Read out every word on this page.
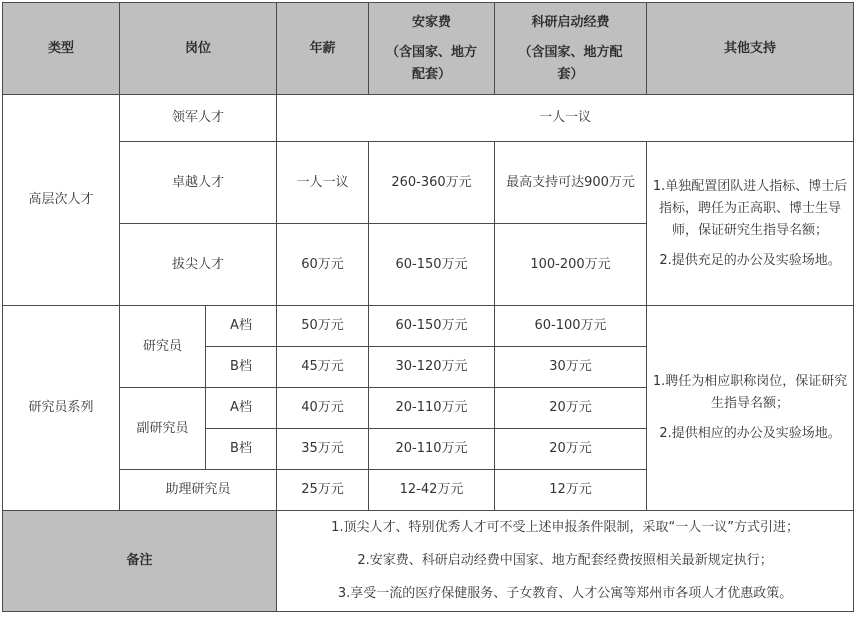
类型	岗位		年薪	安家费
（含国家、地方
配套）	科研启动经费
（含国家、地方配
套）	其他支持
高层次人才	领军人才		一人一议			
	卓越人才		一人一议	260-360万元	最高支持可达900万元	1.单独配置团队进人指标、博士后指标，聘任为正高职、博士生导师，保证研究生指导名额；

2.提供充足的办公及实验场地。

	拔尖人才		60万元	60-150万元	100-200万元	
研究员系列	研究员	A档	50万元	60-150万元	60-100万元	1.聘任为相应职称岗位，保证研究生指导名额；

2.提供相应的办公及实验场地。

		B档	45万元	30-120万元	30万元	
	副研究员	A档	40万元	20-110万元	20万元	
		B档	35万元	20-110万元	20万元	
	助理研究员		25万元	12-42万元	12万元	
备注			1.顶尖人才、特别优秀人才可不受上述申报条件限制，采取“一人一议”方式引进；

2.安家费、科研启动经费中国家、地方配套经费按照相关最新规定执行；

3.享受一流的医疗保健服务、子女教育、人才公寓等郑州市各项人才优惠政策。			
